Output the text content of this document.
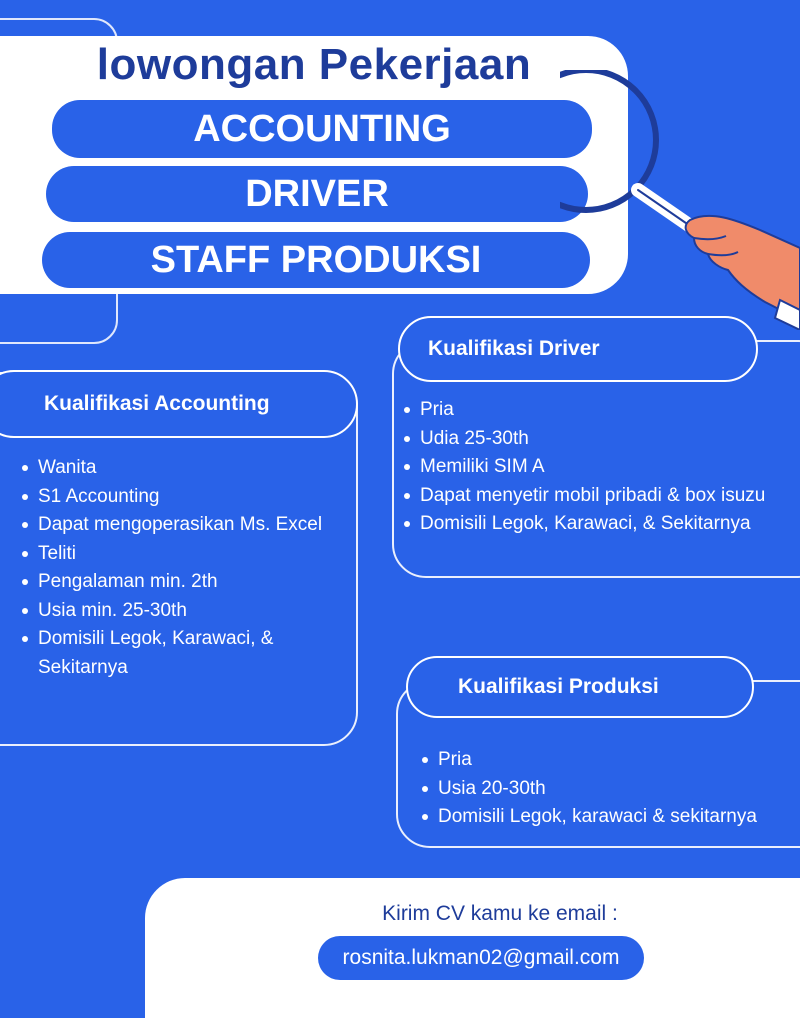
lowongan Pekerjaan
ACCOUNTING
DRIVER
STAFF PRODUKSI
Kualifikasi Accounting
Wanita
S1 Accounting
Dapat mengoperasikan Ms. Excel
Teliti
Pengalaman min. 2th
Usia min. 25-30th
Domisili Legok, Karawaci, & Sekitarnya
Kualifikasi Driver
Pria
Udia 25-30th
Memiliki SIM A
Dapat menyetir mobil pribadi & box isuzu
Domisili Legok, Karawaci, & Sekitarnya
Kualifikasi Produksi
Pria
Usia 20-30th
Domisili Legok, karawaci & sekitarnya
Kirim CV kamu ke email :
rosnita.lukman02@gmail.com
